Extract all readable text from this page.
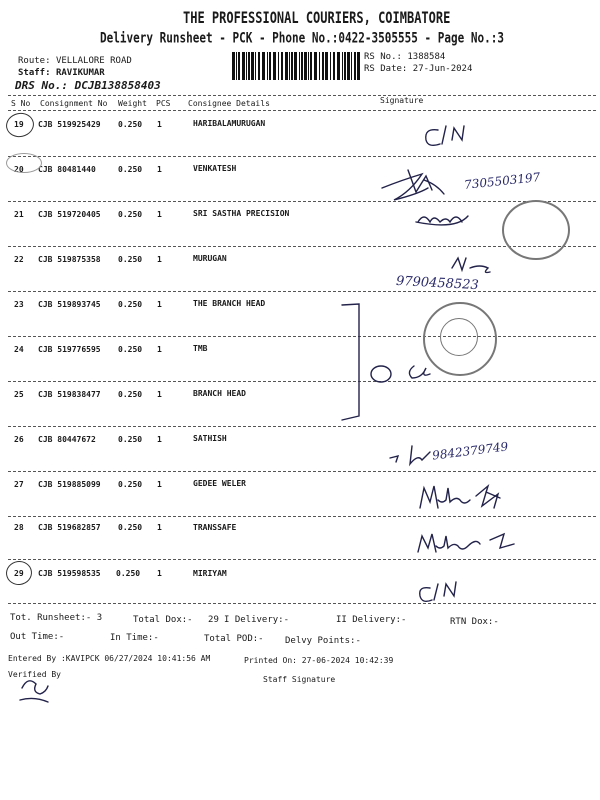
THE PROFESSIONAL COURIERS, COIMBATORE
Delivery Runsheet - PCK - Phone No.:0422-3505555 - Page No.:3
Route: VELLALORE ROAD
Staff: RAVIKUMAR
DRS No.: DCJB138858403
RS No.: 1388584
RS Date: 27-Jun-2024
S No Consignment No Weight PCS Consignee Details	Signature
19 CJB 519925429 0.250 1	HARIBALAMURUGAN
20 CJB 80481440	0.250 1	VENKATESH
21 CJB 519720405 0.250 1	SRI SASTHA PRECISION
22 CJB 519875358 0.250 1	MURUGAN
23 CJB 519893745 0.250 1	THE BRANCH HEAD
24 CJB 519776595 0.250 1	TMB
25 CJB 519838477 0.250 1	BRANCH HEAD
26 CJB 80447672	0.250 1	SATHISH
27 CJB 519885099 0.250 1	GEDEE WELER
28 CJB 519682857 0.250 1	TRANSSAFE
29 CJB 519598535 0.250 1	MIRIYAM
7305503197
9790458523
9842379749
Tot. Runsheet:- 3	Total Dox:- 29 I Delivery:-	II Delivery:-	RTN Dox:-
Out Time:-	In Time:-	Total POD:- Delvy Points:-
Entered By :KAVIPCK 06/27/2024 10:41:56 AM	Printed On: 27-06-2024 10:42:39
Verified By
Staff Signature
